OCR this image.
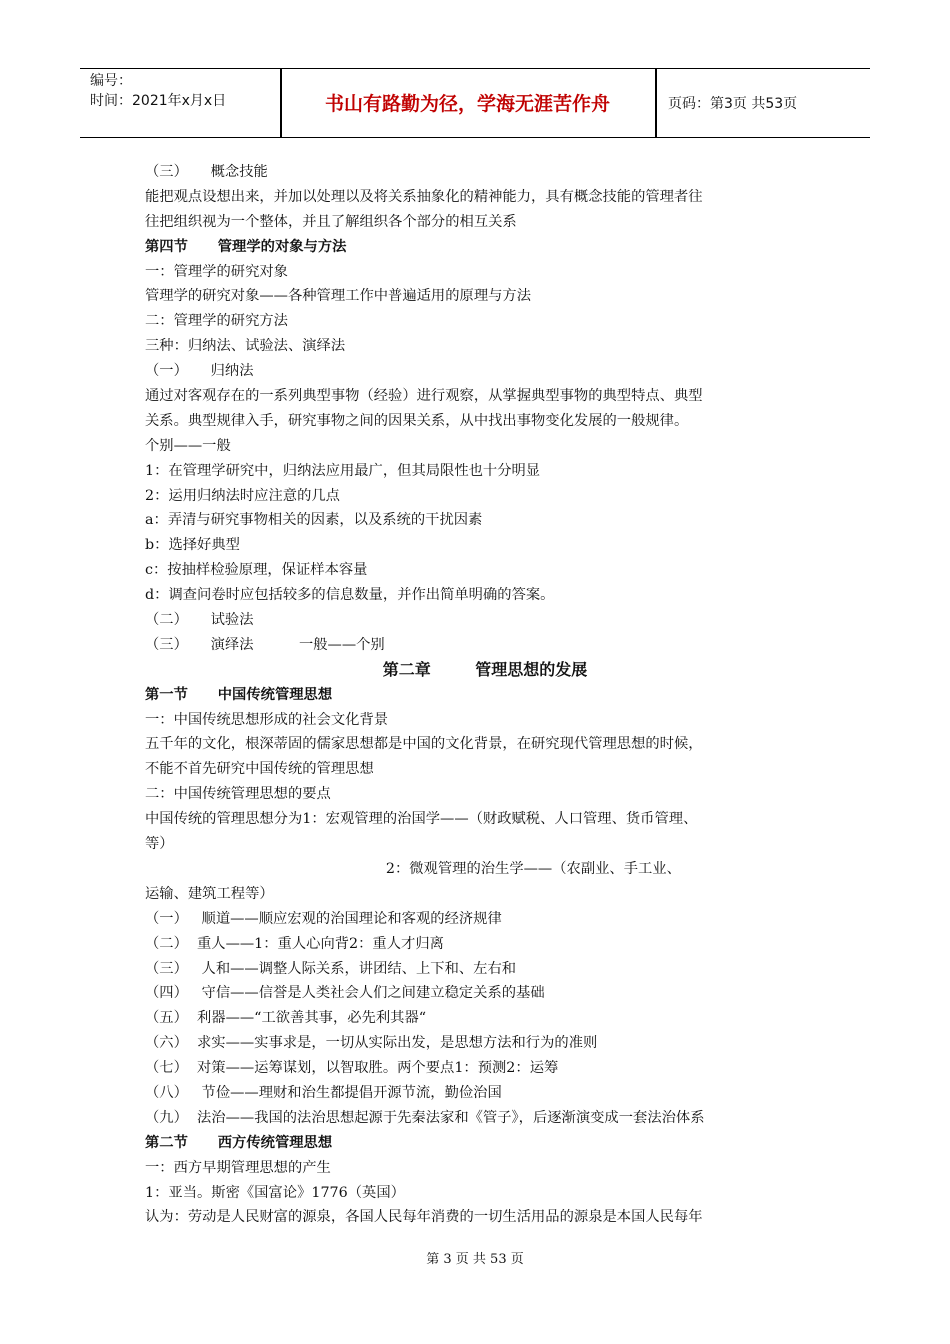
编号：
时间：2021年x月x日	书山有路勤为径，学海无涯苦作舟	页码：第3页 共53页
（三）     概念技能
能把观点设想出来，并加以处理以及将关系抽象化的精神能力，具有概念技能的管理者往
往把组织视为一个整体，并且了解组织各个部分的相互关系
第四节      管理学的对象与方法
一：管理学的研究对象
管理学的研究对象——各种管理工作中普遍适用的原理与方法
二：管理学的研究方法
三种：归纳法、试验法、演绎法
（一）     归纳法
通过对客观存在的一系列典型事物（经验）进行观察，从掌握典型事物的典型特点、典型
关系。典型规律入手，研究事物之间的因果关系，从中找出事物变化发展的一般规律。
个别——一般
1：在管理学研究中，归纳法应用最广，但其局限性也十分明显
2：运用归纳法时应注意的几点
a：弄清与研究事物相关的因素，以及系统的干扰因素
b：选择好典型
c：按抽样检验原理，保证样本容量
d：调查问卷时应包括较多的信息数量，并作出简单明确的答案。
（二）     试验法
（三）     演绎法          一般——个别
第二章        管理思想的发展
第一节      中国传统管理思想
一：中国传统思想形成的社会文化背景
五千年的文化，根深蒂固的儒家思想都是中国的文化背景，在研究现代管理思想的时候，
不能不首先研究中国传统的管理思想
二：中国传统管理思想的要点
中国传统的管理思想分为1：宏观管理的治国学——（财政赋税、人口管理、货币管理、
等）
2：微观管理的治生学——（农副业、手工业、
运输、建筑工程等）
（一）   顺道——顺应宏观的治国理论和客观的经济规律
（二）  重人——1：重人心向背2：重人才归离
（三）   人和——调整人际关系，讲团结、上下和、左右和
（四）   守信——信誉是人类社会人们之间建立稳定关系的基础
（五）  利器——“工欲善其事，必先利其器“
（六）  求实——实事求是，一切从实际出发，是思想方法和行为的准则
（七）  对策——运筹谋划，以智取胜。两个要点1：预测2：运筹
（八）   节俭——理财和治生都提倡开源节流，勤俭治国
（九）  法治——我国的法治思想起源于先秦法家和《管子》，后逐渐演变成一套法治体系
第二节      西方传统管理思想
一：西方早期管理思想的产生
1：亚当。斯密《国富论》1776（英国）
认为：劳动是人民财富的源泉，各国人民每年消费的一切生活用品的源泉是本国人民每年
第 3 页 共 53 页
